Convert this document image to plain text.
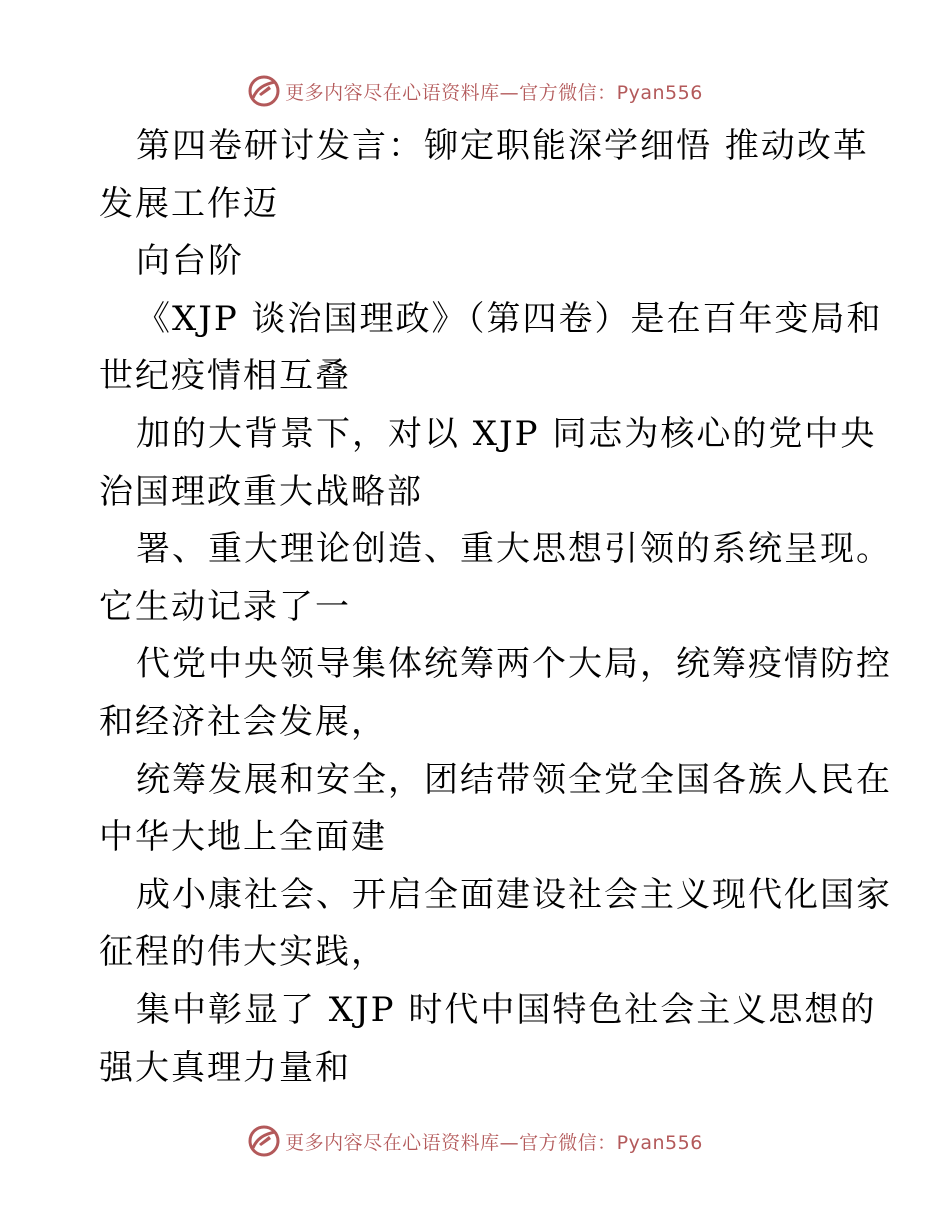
更多内容尽在心语资料库—官方微信：Pyan556
第四卷研讨发言：铆定职能深学细悟 推动改革
发展工作迈
向台阶
《XJP 谈治国理政》（第四卷）是在百年变局和
世纪疫情相互叠
加的大背景下，对以 XJP 同志为核心的党中央
治国理政重大战略部
署、重大理论创造、重大思想引领的系统呈现。
它生动记录了一
代党中央领导集体统筹两个大局，统筹疫情防控
和经济社会发展，
统筹发展和安全，团结带领全党全国各族人民在
中华大地上全面建
成小康社会、开启全面建设社会主义现代化国家
征程的伟大实践，
集中彰显了 XJP 时代中国特色社会主义思想的
强大真理力量和
更多内容尽在心语资料库—官方微信：Pyan556
